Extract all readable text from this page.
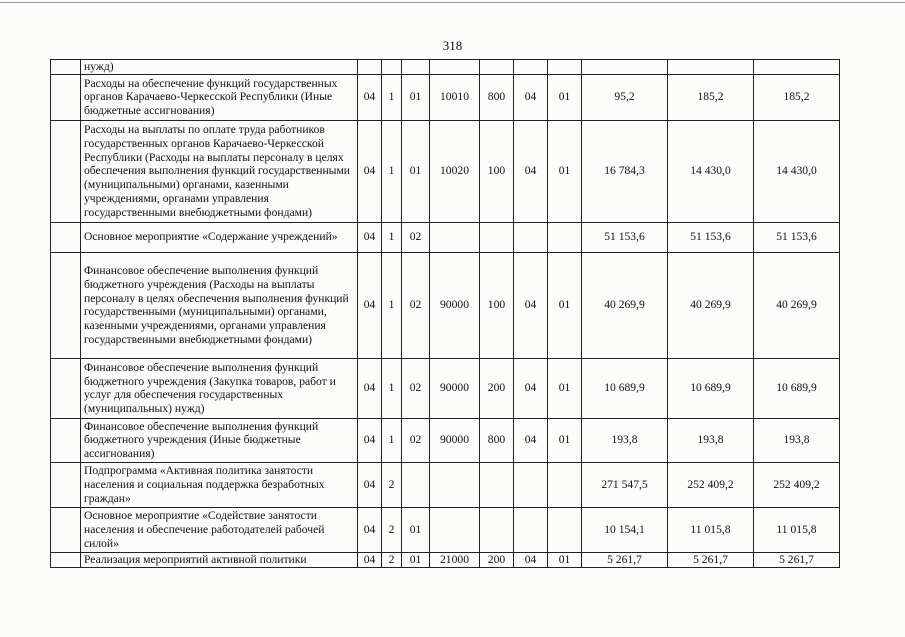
318
	нужд)										
	Расходы на обеспечение функций государственных органов Карачаево-Черкесской Республики (Иные бюджетные ассигнования)	04	1	01	10010	800	04	01	95,2	185,2	185,2
	Расходы на выплаты по оплате труда работников государственных органов Карачаево-Черкесской Республики (Расходы на выплаты персоналу в целях обеспечения выполнения функций государственными (муниципальными) органами, казенными учреждениями, органами управления государственными внебюджетными фондами)	04	1	01	10020	100	04	01	16 784,3	14 430,0	14 430,0
	Основное мероприятие «Содержание учреждений»	04	1	02					51 153,6	51 153,6	51 153,6
	Финансовое обеспечение выполнения функций бюджетного учреждения (Расходы на выплаты персоналу в целях обеспечения выполнения функций государственными (муниципальными) органами, казенными учреждениями, органами управления государственными внебюджетными фондами)	04	1	02	90000	100	04	01	40 269,9	40 269,9	40 269,9
	Финансовое обеспечение выполнения функций бюджетного учреждения (Закупка товаров, работ и услуг для обеспечения государственных (муниципальных) нужд)	04	1	02	90000	200	04	01	10 689,9	10 689,9	10 689,9
	Финансовое обеспечение выполнения функций бюджетного учреждения (Иные бюджетные ассигнования)	04	1	02	90000	800	04	01	193,8	193,8	193,8
	Подпрограмма «Активная политика занятости населения и социальная поддержка безработных граждан»	04	2						271 547,5	252 409,2	252 409,2
	Основное мероприятие «Содействие занятости населения и обеспечение работодателей рабочей силой»	04	2	01					10 154,1	11 015,8	11 015,8
	Реализация мероприятий активной политики	04	2	01	21000	200	04	01	5 261,7	5 261,7	5 261,7
